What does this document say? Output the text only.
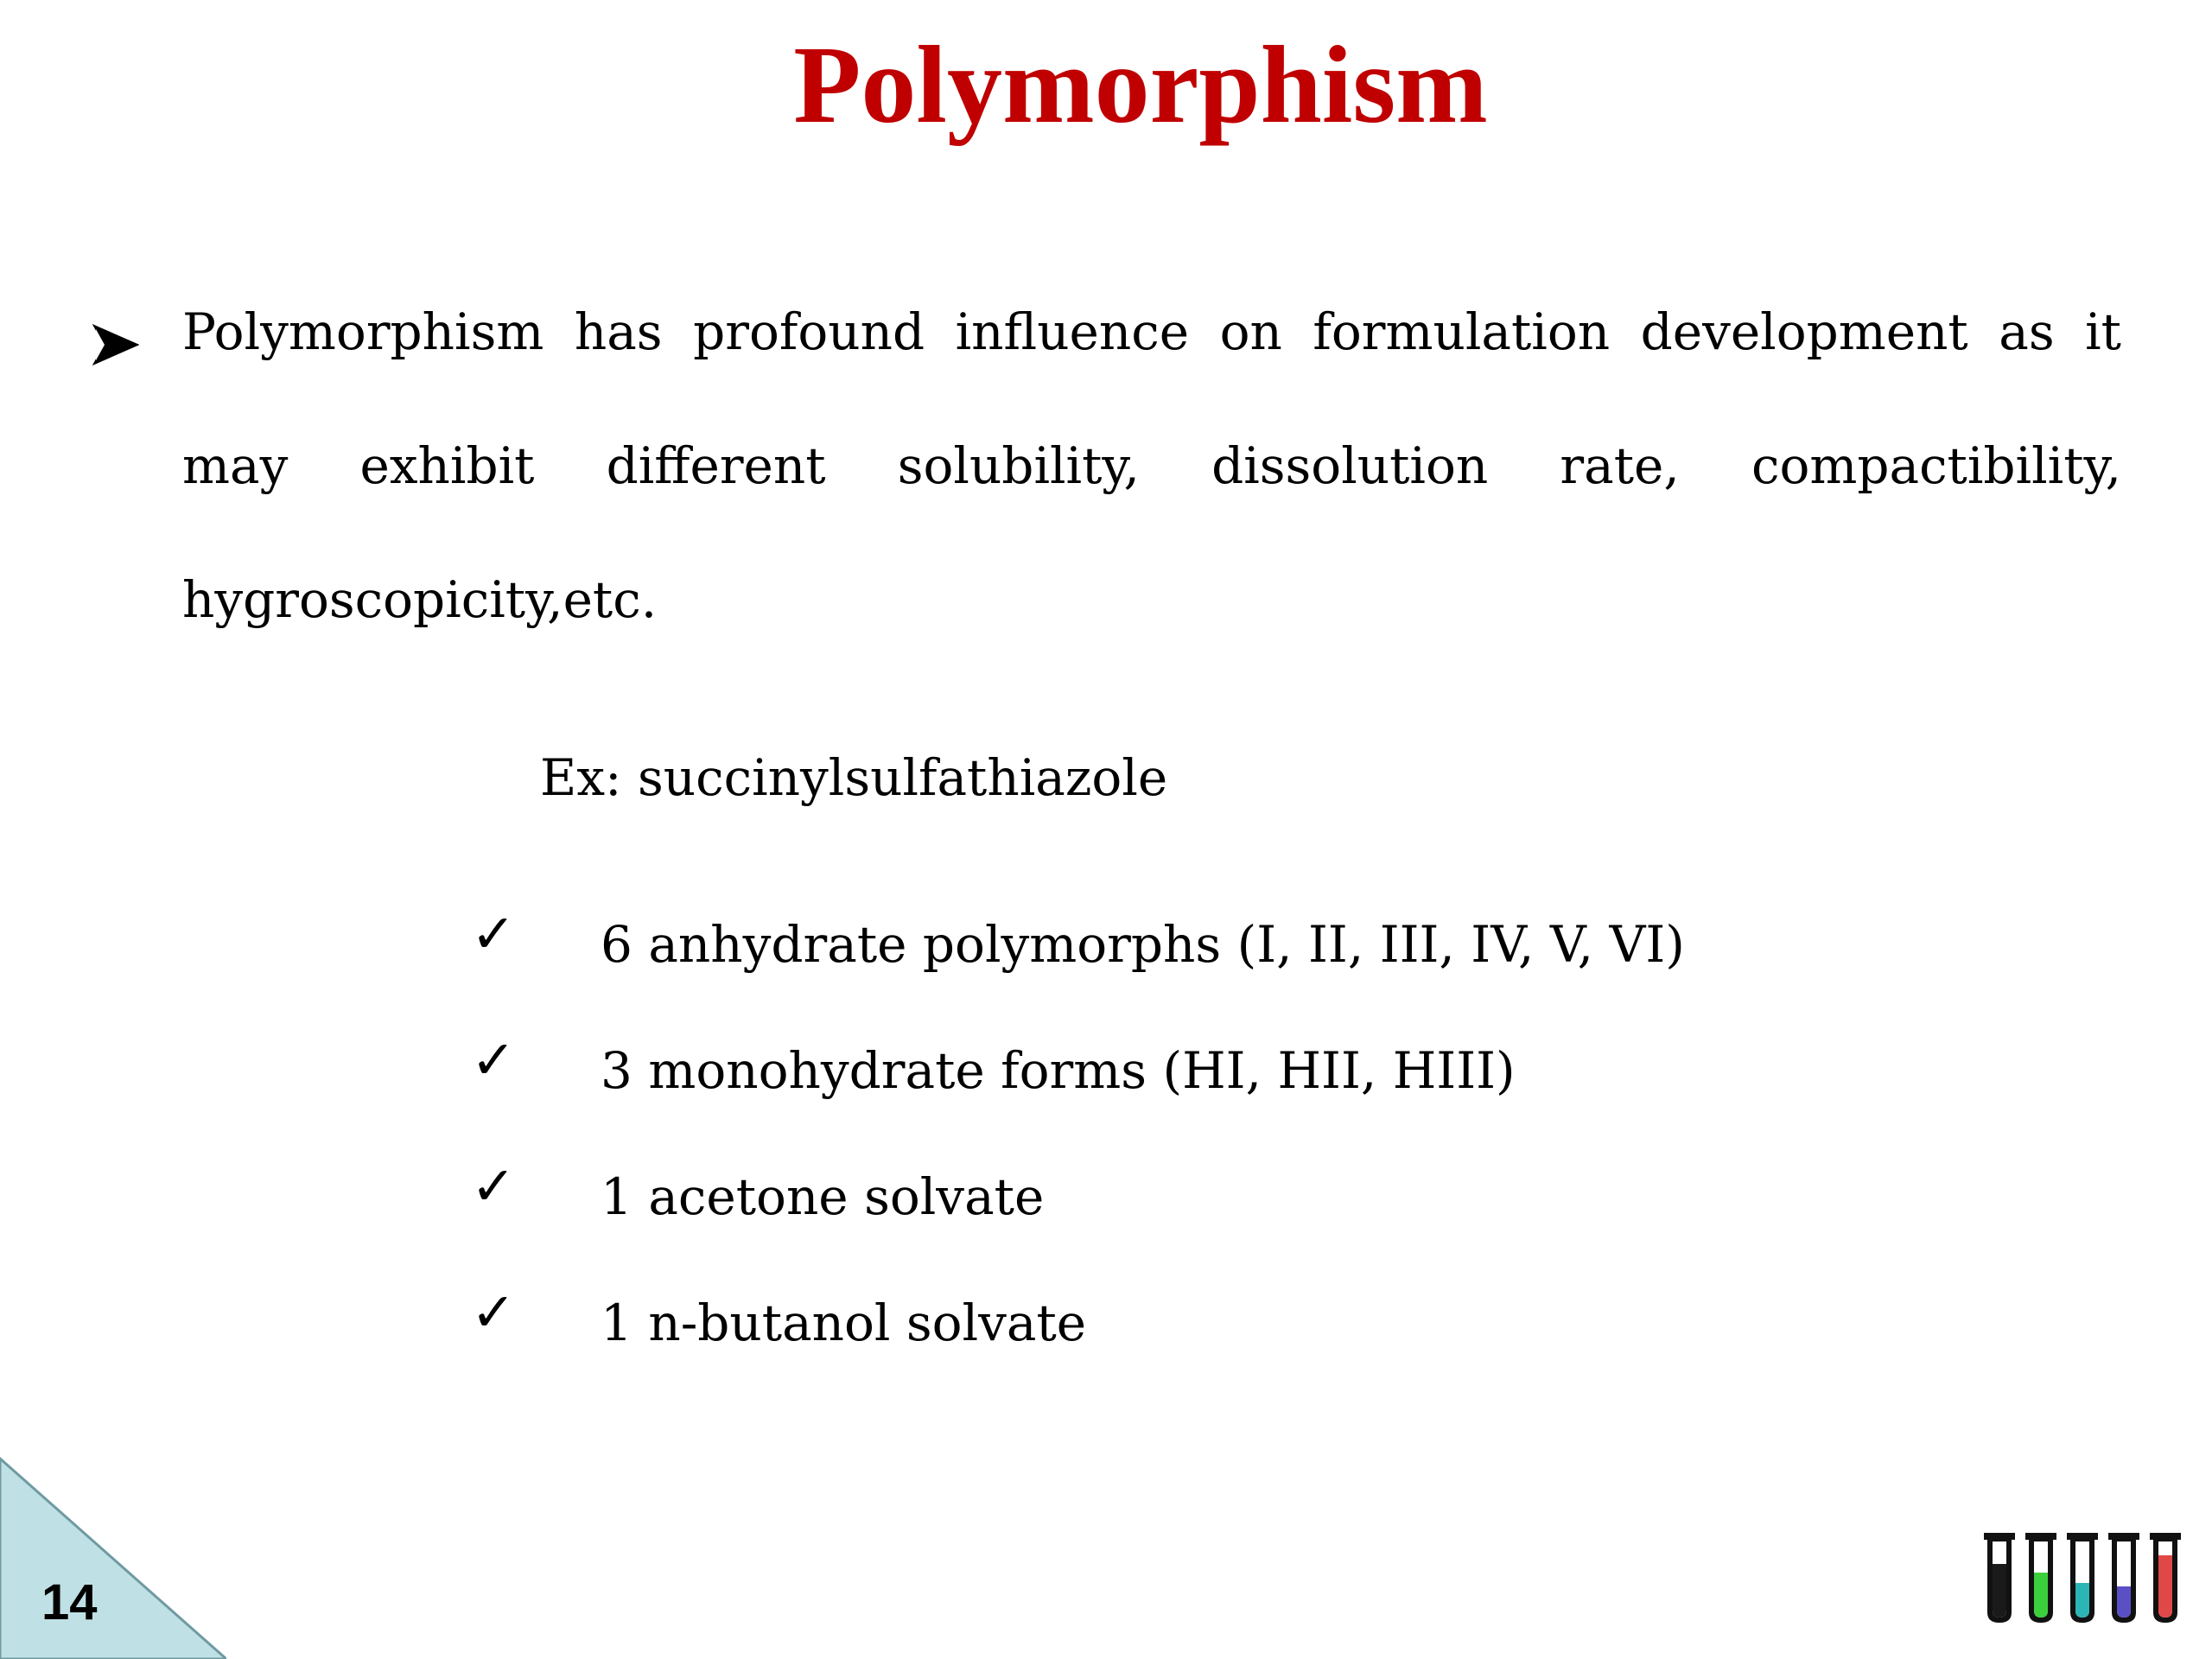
Polymorphism

Polymorphism has profound influence on formulation development as it may exhibit different solubility, dissolution rate, compactibility, hygroscopicity,etc.

Ex: succinylsulfathiazole

✓	6 anhydrate polymorphs (I, II, III, IV, V, VI)
✓	3 monohydrate forms (HI, HII, HIII)
✓	1 acetone solvate
✓	1 n-butanol solvate
14
